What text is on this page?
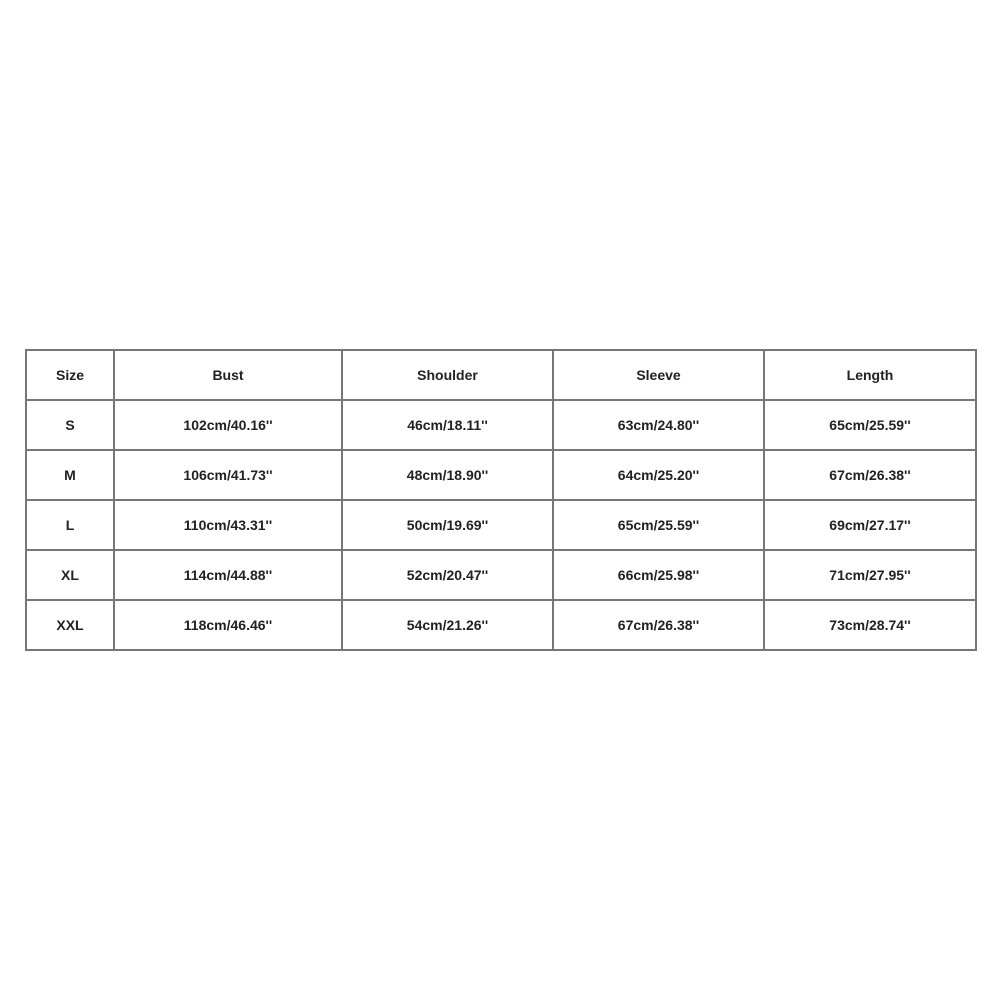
Size	Bust	Shoulder	Sleeve	Length
S	102cm/40.16''	46cm/18.11''	63cm/24.80''	65cm/25.59''
M	106cm/41.73''	48cm/18.90''	64cm/25.20''	67cm/26.38''
L	110cm/43.31''	50cm/19.69''	65cm/25.59''	69cm/27.17''
XL	114cm/44.88''	52cm/20.47''	66cm/25.98''	71cm/27.95''
XXL	118cm/46.46''	54cm/21.26''	67cm/26.38''	73cm/28.74''
